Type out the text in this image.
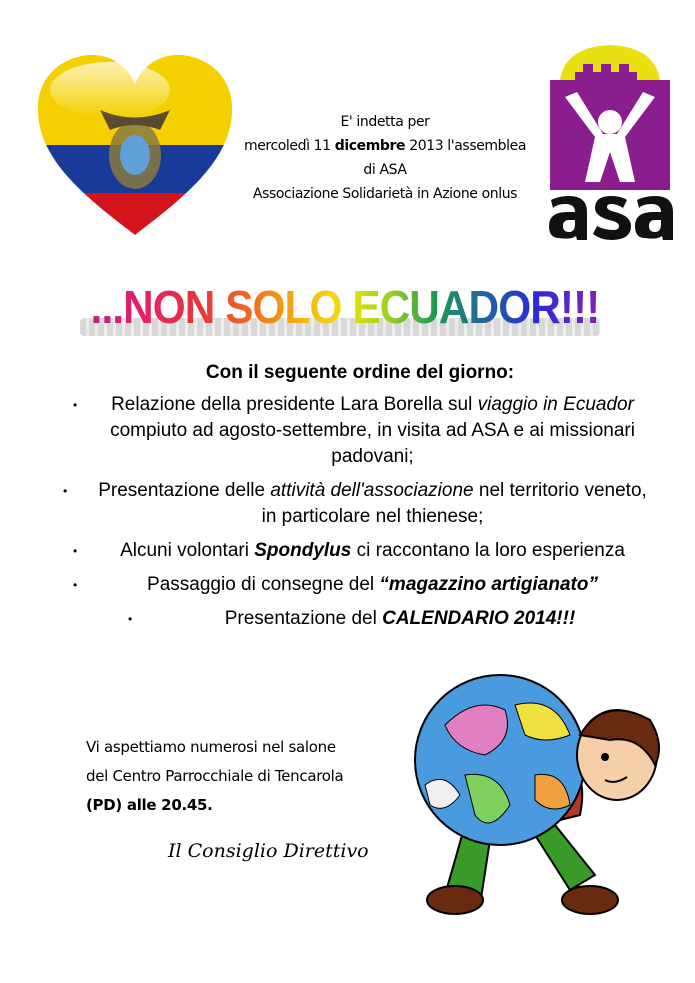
E' indetta per
mercoledì 11 dicembre 2013 l'assemblea
di ASA
Associazione Solidarietà in Azione onlus
...NON SOLO ECUADOR!!!
Con il seguente ordine del giorno:
• Relazione della presidente Lara Borella sul viaggio in Ecuador compiuto ad agosto-settembre, in visita ad ASA e ai missionari padovani;
• Presentazione delle attività dell'associazione nel territorio veneto, in particolare nel thienese;
• Alcuni volontari Spondylus ci raccontano la loro esperienza
•	Passaggio di consegne del “magazzino artigianato”
•	Presentazione del CALENDARIO 2014!!!
Vi aspettiamo numerosi nel salone
del Centro Parrocchiale di Tencarola
(PD) alle 20.45.
Il Consiglio Direttivo
